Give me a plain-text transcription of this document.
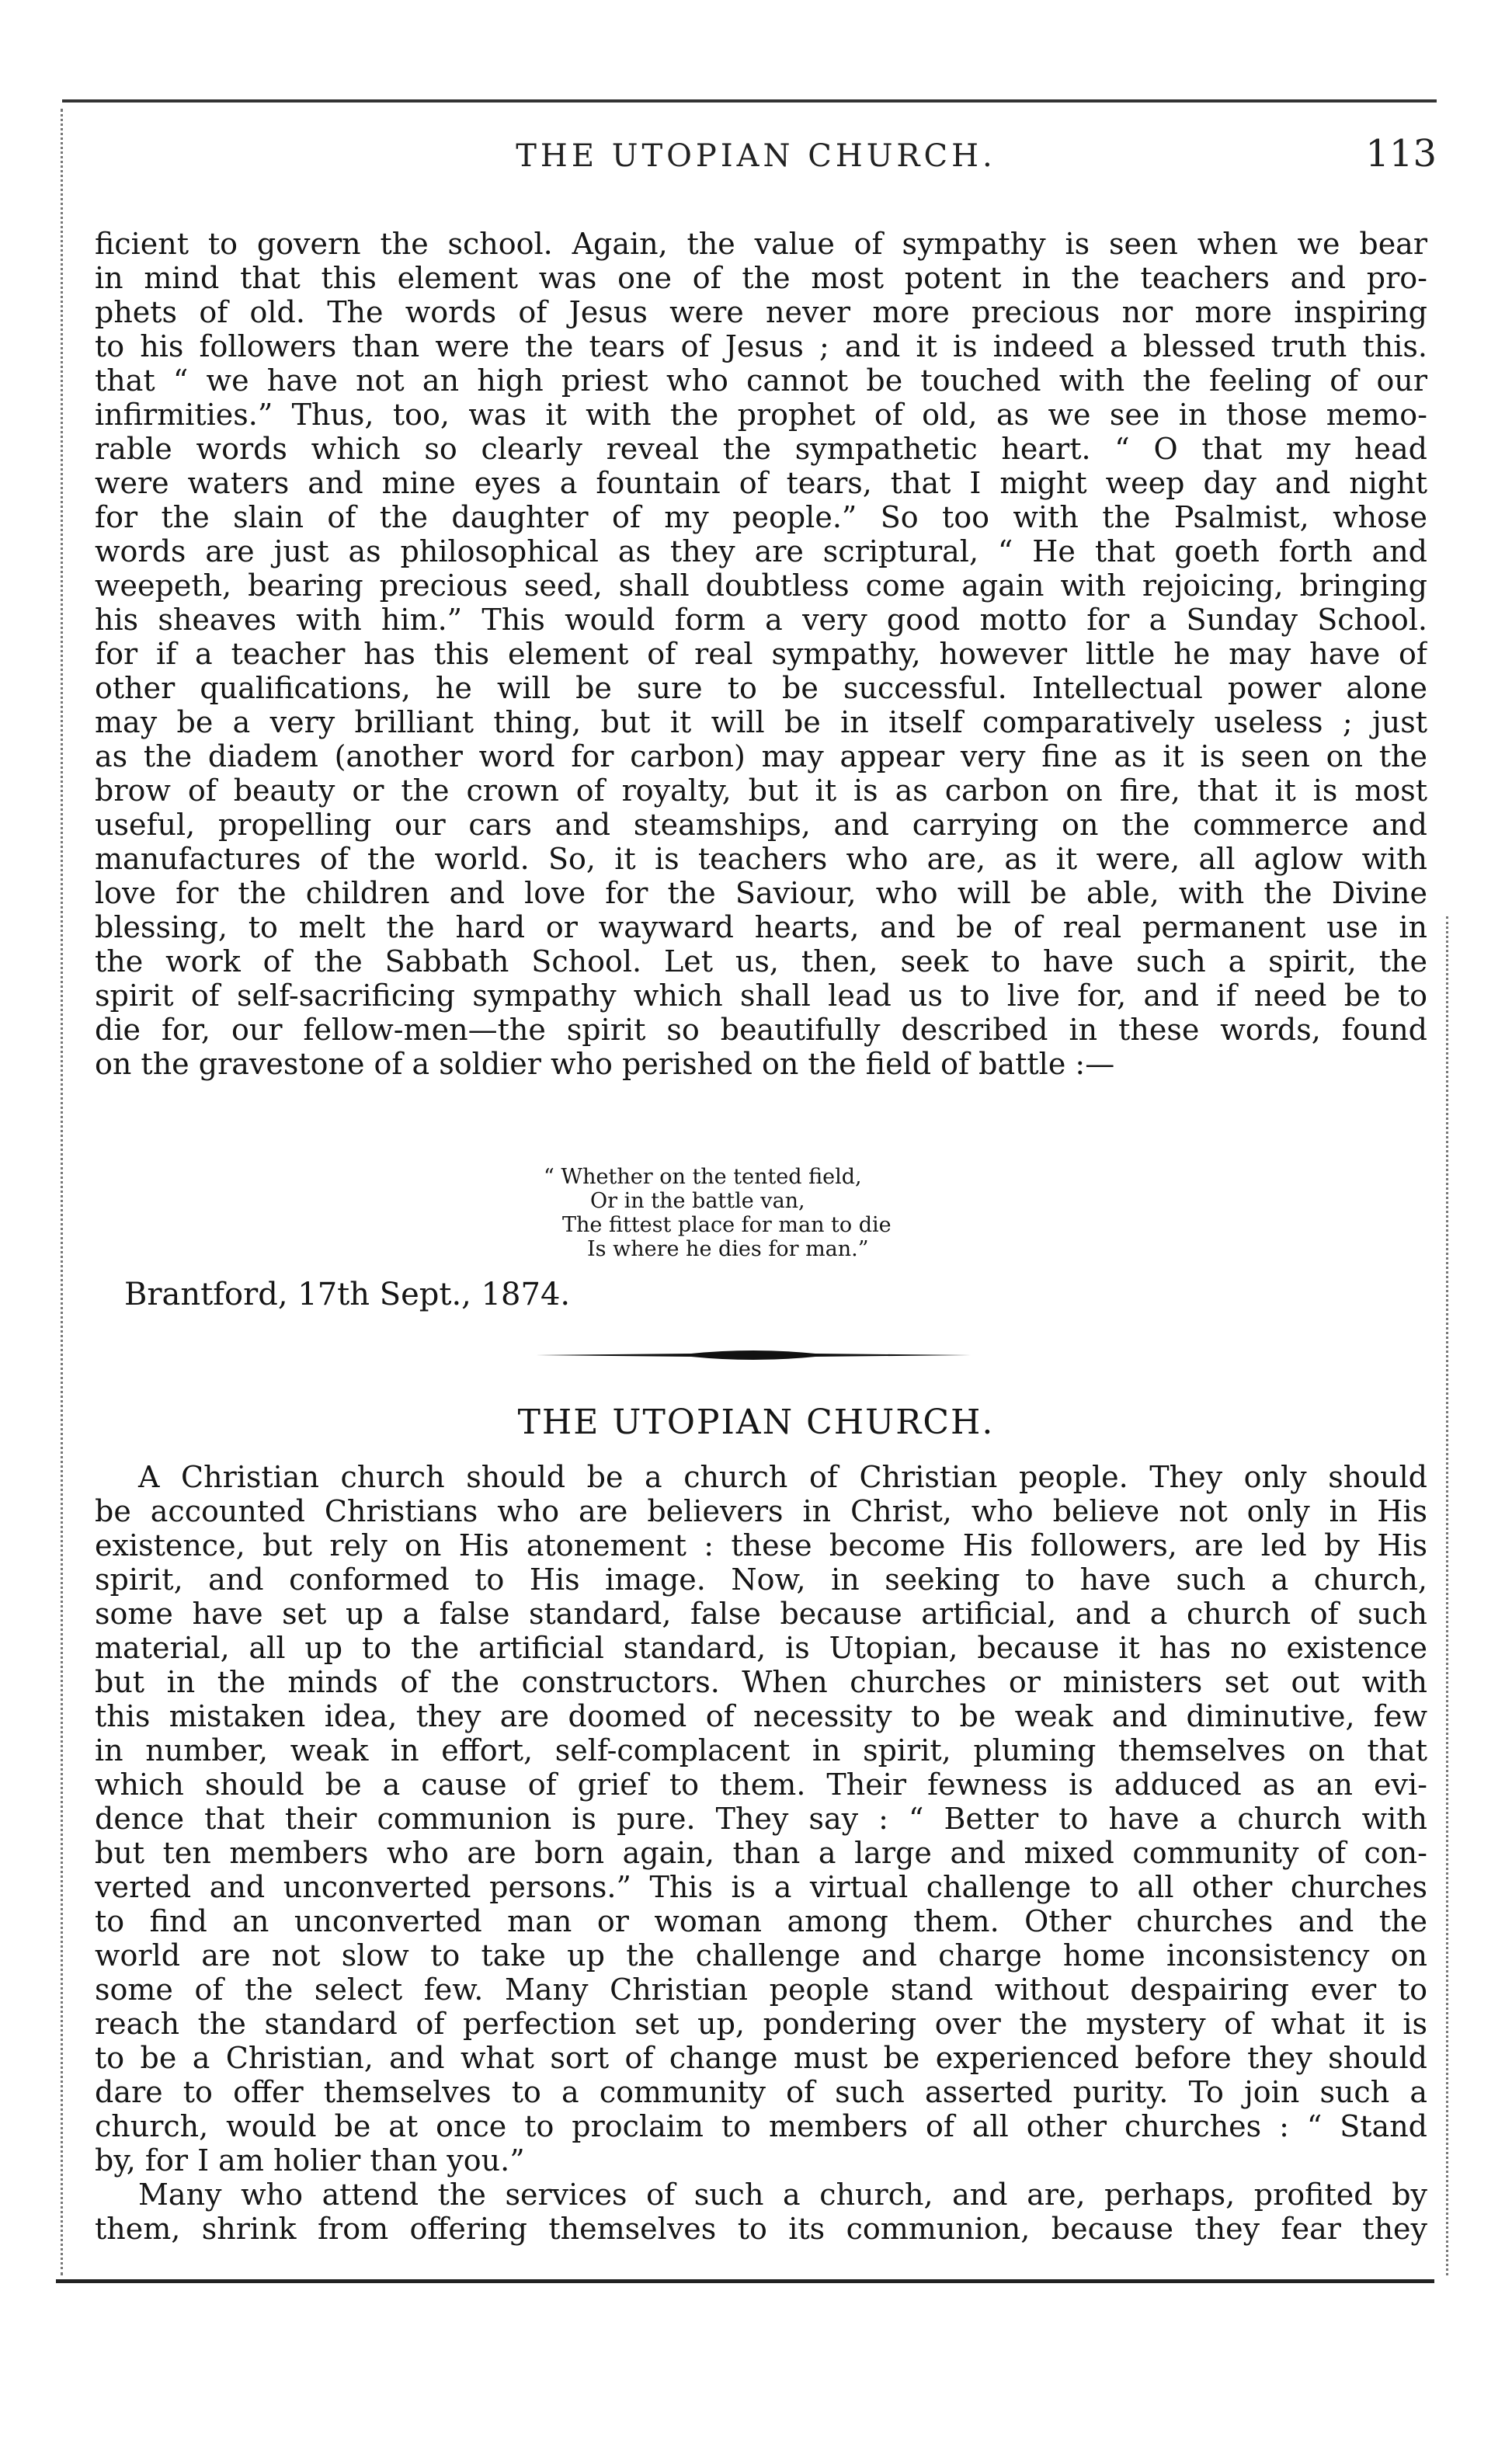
THE UTOPIAN CHURCH.	113
ficient to govern the school. Again, the value of sympathy is seen when we bear
in mind that this element was one of the most potent in the teachers and pro-
phets of old. The words of Jesus were never more precious nor more inspiring
to his followers than were the tears of Jesus ; and it is indeed a blessed truth this.
that “ we have not an high priest who cannot be touched with the feeling of our
infirmities.” Thus, too, was it with the prophet of old, as we see in those memo-
rable words which so clearly reveal the sympathetic heart. “ O that my head
were waters and mine eyes a fountain of tears, that I might weep day and night
for the slain of the daughter of my people.” So too with the Psalmist, whose
words are just as philosophical as they are scriptural, “ He that goeth forth and
weepeth, bearing precious seed, shall doubtless come again with rejoicing, bringing
his sheaves with him.” This would form a very good motto for a Sunday School.
for if a teacher has this element of real sympathy, however little he may have of
other qualifications, he will be sure to be successful. Intellectual power alone
may be a very brilliant thing, but it will be in itself comparatively useless ; just
as the diadem (another word for carbon) may appear very fine as it is seen on the
brow of beauty or the crown of royalty, but it is as carbon on fire, that it is most
useful, propelling our cars and steamships, and carrying on the commerce and
manufactures of the world. So, it is teachers who are, as it were, all aglow with
love for the children and love for the Saviour, who will be able, with the Divine
blessing, to melt the hard or wayward hearts, and be of real permanent use in
the work of the Sabbath School. Let us, then, seek to have such a spirit, the
spirit of self-sacrificing sympathy which shall lead us to live for, and if need be to
die for, our fellow-men—the spirit so beautifully described in these words, found
on the gravestone of a soldier who perished on the field of battle :—
“ Whether on the tented field,
Or in the battle van,
The fittest place for man to die
Is where he dies for man.”
Brantford, 17th Sept., 1874.
THE UTOPIAN CHURCH.
A Christian church should be a church of Christian people. They only should
be accounted Christians who are believers in Christ, who believe not only in His
existence, but rely on His atonement : these become His followers, are led by His
spirit, and conformed to His image. Now, in seeking to have such a church,
some have set up a false standard, false because artificial, and a church of such
material, all up to the artificial standard, is Utopian, because it has no existence
but in the minds of the constructors. When churches or ministers set out with
this mistaken idea, they are doomed of necessity to be weak and diminutive, few
in number, weak in effort, self-complacent in spirit, pluming themselves on that
which should be a cause of grief to them. Their fewness is adduced as an evi-
dence that their communion is pure. They say : “ Better to have a church with
but ten members who are born again, than a large and mixed community of con-
verted and unconverted persons.” This is a virtual challenge to all other churches
to find an unconverted man or woman among them. Other churches and the
world are not slow to take up the challenge and charge home inconsistency on
some of the select few. Many Christian people stand without despairing ever to
reach the standard of perfection set up, pondering over the mystery of what it is
to be a Christian, and what sort of change must be experienced before they should
dare to offer themselves to a community of such asserted purity. To join such a
church, would be at once to proclaim to members of all other churches : “ Stand
by, for I am holier than you.”
Many who attend the services of such a church, and are, perhaps, profited by
them, shrink from offering themselves to its communion, because they fear they
